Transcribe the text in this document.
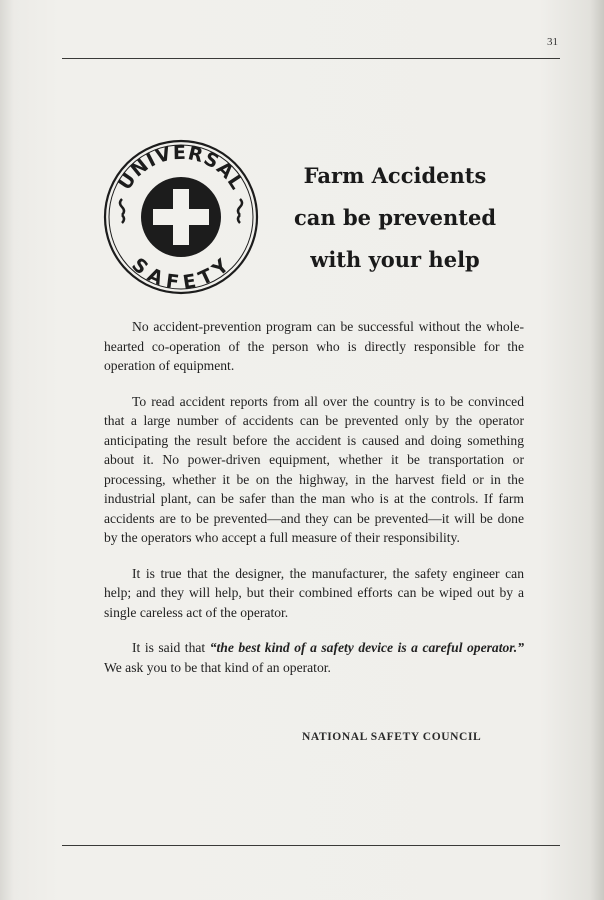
31
UNIVERSAL
SAFETY
Farm Accidents
can be prevented
with your help

No accident-prevention program can be successful without the whole-hearted co-operation of the person who is directly responsible for the operation of equipment.

To read accident reports from all over the country is to be convinced that a large number of accidents can be prevented only by the operator anticipating the result before the accident is caused and doing something about it. No power-driven equipment, whether it be transportation or processing, whether it be on the highway, in the harvest field or in the industrial plant, can be safer than the man who is at the controls. If farm accidents are to be prevented—and they can be prevented—it will be done by the operators who accept a full measure of their responsibility.

It is true that the designer, the manufacturer, the safety engineer can help; and they will help, but their combined efforts can be wiped out by a single careless act of the operator.

It is said that “the best kind of a safety device is a careful operator.” We ask you to be that kind of an operator.

NATIONAL SAFETY COUNCIL
